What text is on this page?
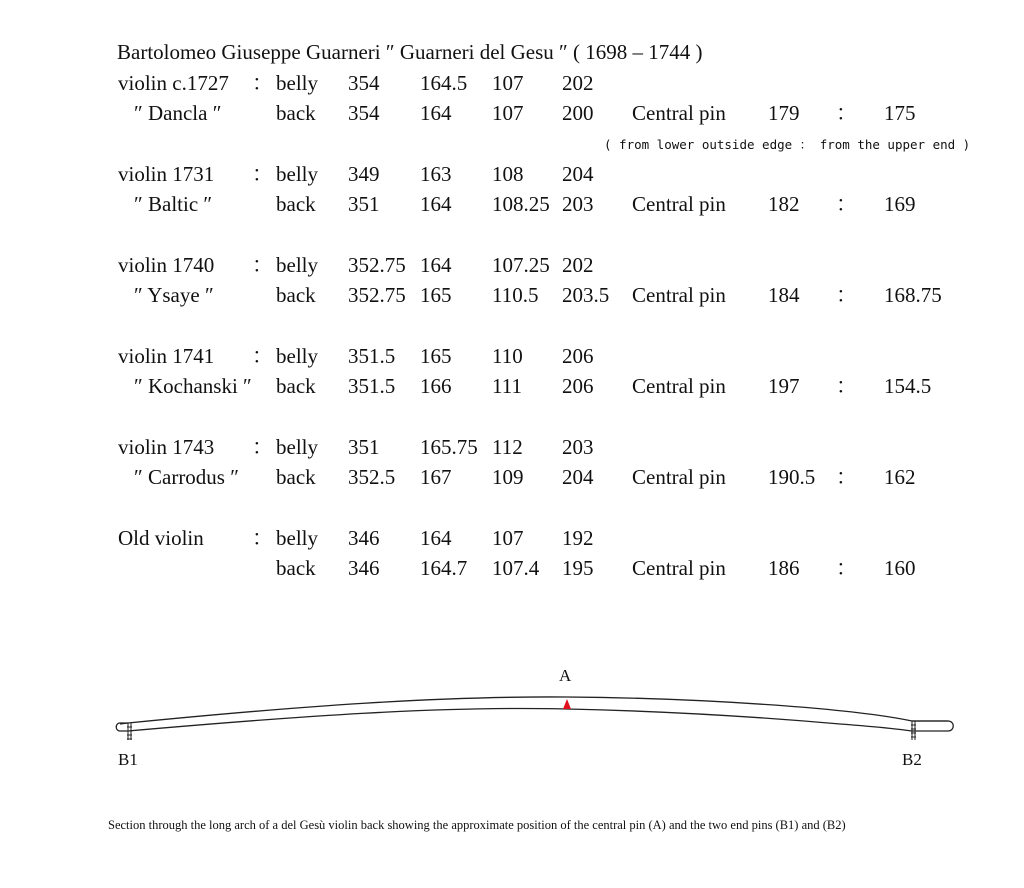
Bartolomeo Giuseppe Guarneri ″ Guarneri del Gesu ″ ( 1698 – 1744 )
violin c.1727 ： belly 354 164.5 107 202
″ Dancla ″	back 354 164 107 200 Central pin 179 ： 175
violin 1731 ： belly 349 163 108 204
″ Baltic ″	back 351 164 108.25 203 Central pin 182 ： 169
violin 1740 ： belly 352.75 164 107.25 202
″ Ysaye ″	back 352.75 165 110.5 203.5 Central pin 184 ： 168.75
violin 1741 ： belly 351.5 165 110 206
″ Kochanski ″ back 351.5 166 111 206 Central pin 197 ： 154.5
violin 1743 ： belly 351 165.75 112 203
″ Carrodus ″ back 352.5 167 109 204 Central pin 190.5 ： 162
Old violin ： belly 346 164 107 192
back 346 164.7 107.4 195 Central pin 186 ： 160
( from lower outside edge ： from the upper end )
A
B1	B2
Section through the long arch of a del Gesù violin back showing the approximate position of the central pin (A) and the two end pins (B1) and (B2)
